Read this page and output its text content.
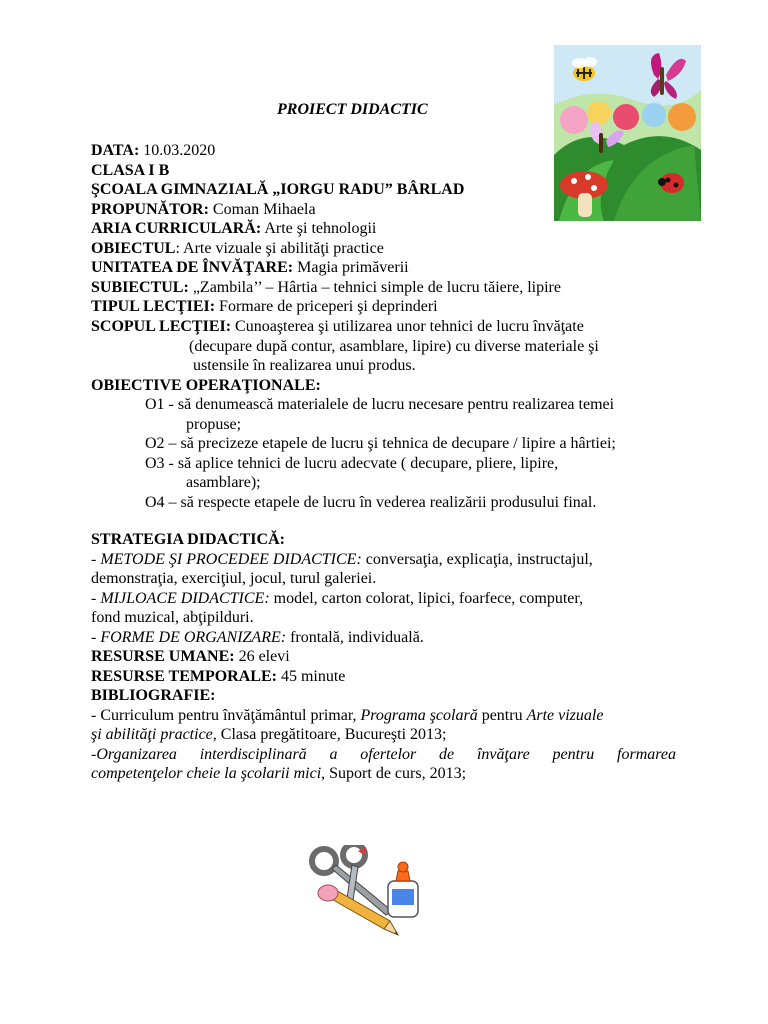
PROIECT DIDACTIC
DATA: 10.03.2020
CLASA I B
ŞCOALA GIMNAZIALĂ „IORGU RADU” BÂRLAD
PROPUNĂTOR: Coman Mihaela
ARIA CURRICULARĂ: Arte şi tehnologii
OBIECTUL: Arte vizuale şi abilităţi practice
UNITATEA DE ÎNVĂŢARE: Magia primăverii
SUBIECTUL: „Zambila’’ – Hârtia – tehnici simple de lucru tăiere, lipire
TIPUL LECŢIEI: Formare de priceperi şi deprinderi
SCOPUL LECŢIEI: Cunoaşterea şi utilizarea unor tehnici de lucru învăţate
(decupare după contur, asamblare, lipire) cu diverse materiale şi
ustensile în realizarea unui produs.
OBIECTIVE OPERAŢIONALE:
O1 - să denumească materialele de lucru necesare pentru realizarea temei
propuse;
O2 – să precizeze etapele de lucru şi tehnica de decupare / lipire a hârtiei;
O3 - să aplice tehnici de lucru adecvate ( decupare, pliere, lipire,
asamblare);
O4 – să respecte etapele de lucru în vederea realizării produsului final.
STRATEGIA DIDACTICĂ:
- METODE ŞI PROCEDEE DIDACTICE: conversaţia, explicaţia, instructajul,
demonstraţia, exerciţiul, jocul, turul galeriei.
- MIJLOACE DIDACTICE: model, carton colorat, lipici, foarfece, computer,
fond muzical, abţipilduri.
- FORME DE ORGANIZARE: frontală, individuală.
RESURSE UMANE: 26 elevi
RESURSE TEMPORALE: 45 minute
BIBLIOGRAFIE:
- Curriculum pentru învăţământul primar, Programa şcolară pentru Arte vizuale
şi abilităţi practice, Clasa pregătitoare, Bucureşti 2013;
-Organizarea interdisciplinară a ofertelor de învăţare pentru formarea
competenţelor cheie la şcolarii mici, Suport de curs, 2013;
